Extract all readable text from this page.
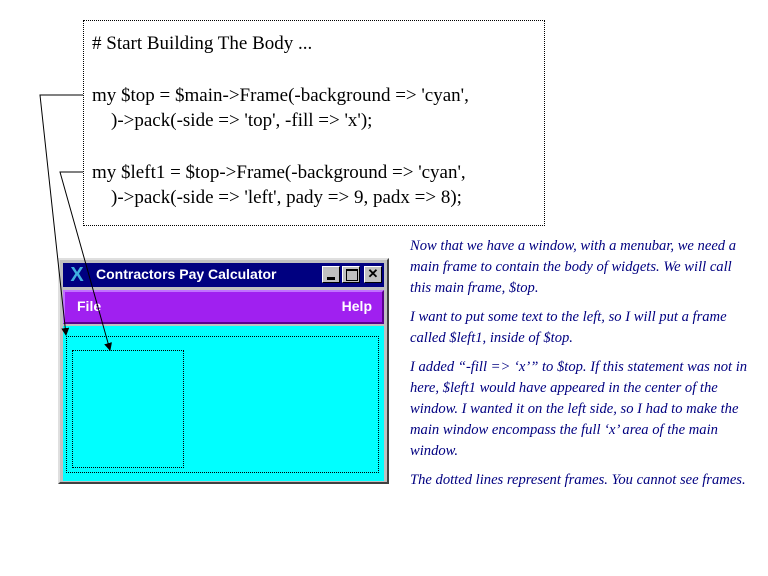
# Start Building The Body ...
my $top = $main->Frame(-background => 'cyan',
)->pack(-side => 'top', -fill => 'x');
my $left1 = $top->Frame(-background => 'cyan',
)->pack(-side => 'left', pady => 9, padx => 8);
X Contractors Pay Calculator	✕
File	Help

Now that we have a window, with a menubar, we need a main frame to contain the body of widgets. We will call this main frame, $top.

I want to put some text to the left, so I will put a frame called $left1, inside of $top.

I added “-fill => ‘x’” to $top. If this statement was not in here, $left1 would have appeared in the center of the window. I wanted it on the left side, so I had to make the main window encompass the full ‘x’ area of the main window.

The dotted lines represent frames. You cannot see frames.
